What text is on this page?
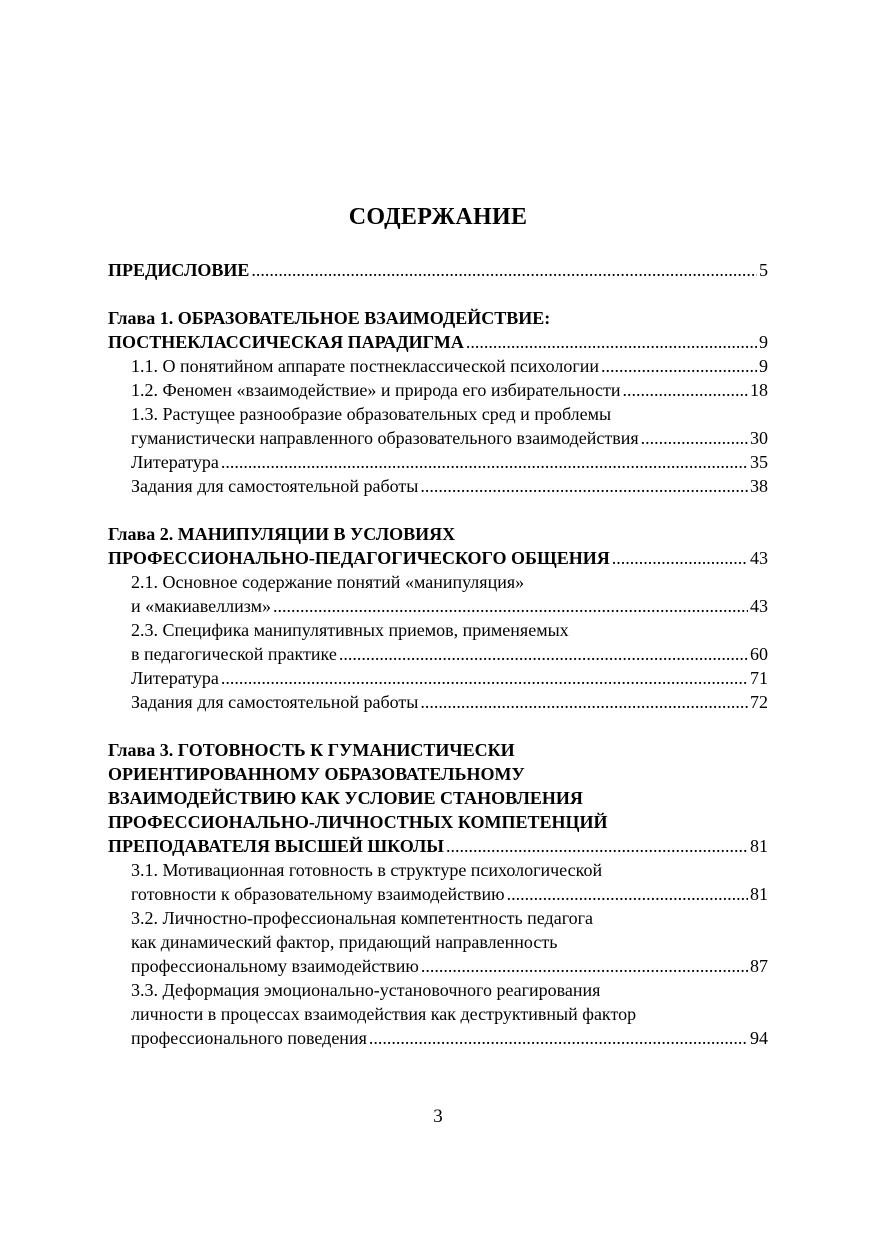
СОДЕРЖАНИЕ
ПРЕДИСЛОВИЕ .....	5
Глава 1. ОБРАЗОВАТЕЛЬНОЕ ВЗАИМОДЕЙСТВИЕ:
ПОСТНЕКЛАССИЧЕСКАЯ ПАРАДИГМА .....	9
1.1. О понятийном аппарате постнеклассической психологии .....	9
1.2. Феномен «взаимодействие» и природа его избирательности .....	18
1.3. Растущее разнообразие образовательных сред и проблемы
гуманистически направленного образовательного взаимодействия .....	30
Литература .....	35
Задания для самостоятельной работы .....	38
Глава 2. МАНИПУЛЯЦИИ В УСЛОВИЯХ
ПРОФЕССИОНАЛЬНО-ПЕДАГОГИЧЕСКОГО ОБЩЕНИЯ .....	43
2.1. Основное содержание понятий «манипуляция»
и «макиавеллизм» .....	43
2.3. Специфика манипулятивных приемов, применяемых
в педагогической практике .....	60
Литература .....	71
Задания для самостоятельной работы .....	72
Глава 3. ГОТОВНОСТЬ К ГУМАНИСТИЧЕСКИ
ОРИЕНТИРОВАННОМУ ОБРАЗОВАТЕЛЬНОМУ
ВЗАИМОДЕЙСТВИЮ КАК УСЛОВИЕ СТАНОВЛЕНИЯ
ПРОФЕССИОНАЛЬНО-ЛИЧНОСТНЫХ КОМПЕТЕНЦИЙ
ПРЕПОДАВАТЕЛЯ ВЫСШЕЙ ШКОЛЫ .....	81
3.1. Мотивационная готовность в структуре психологической
готовности к образовательному взаимодействию .....	81
3.2. Личностно-профессиональная компетентность педагога
как динамический фактор, придающий направленность
профессиональному взаимодействию .....	87
3.3. Деформация эмоционально-установочного реагирования
личности в процессах взаимодействия как деструктивный фактор
профессионального поведения .....	94
3
